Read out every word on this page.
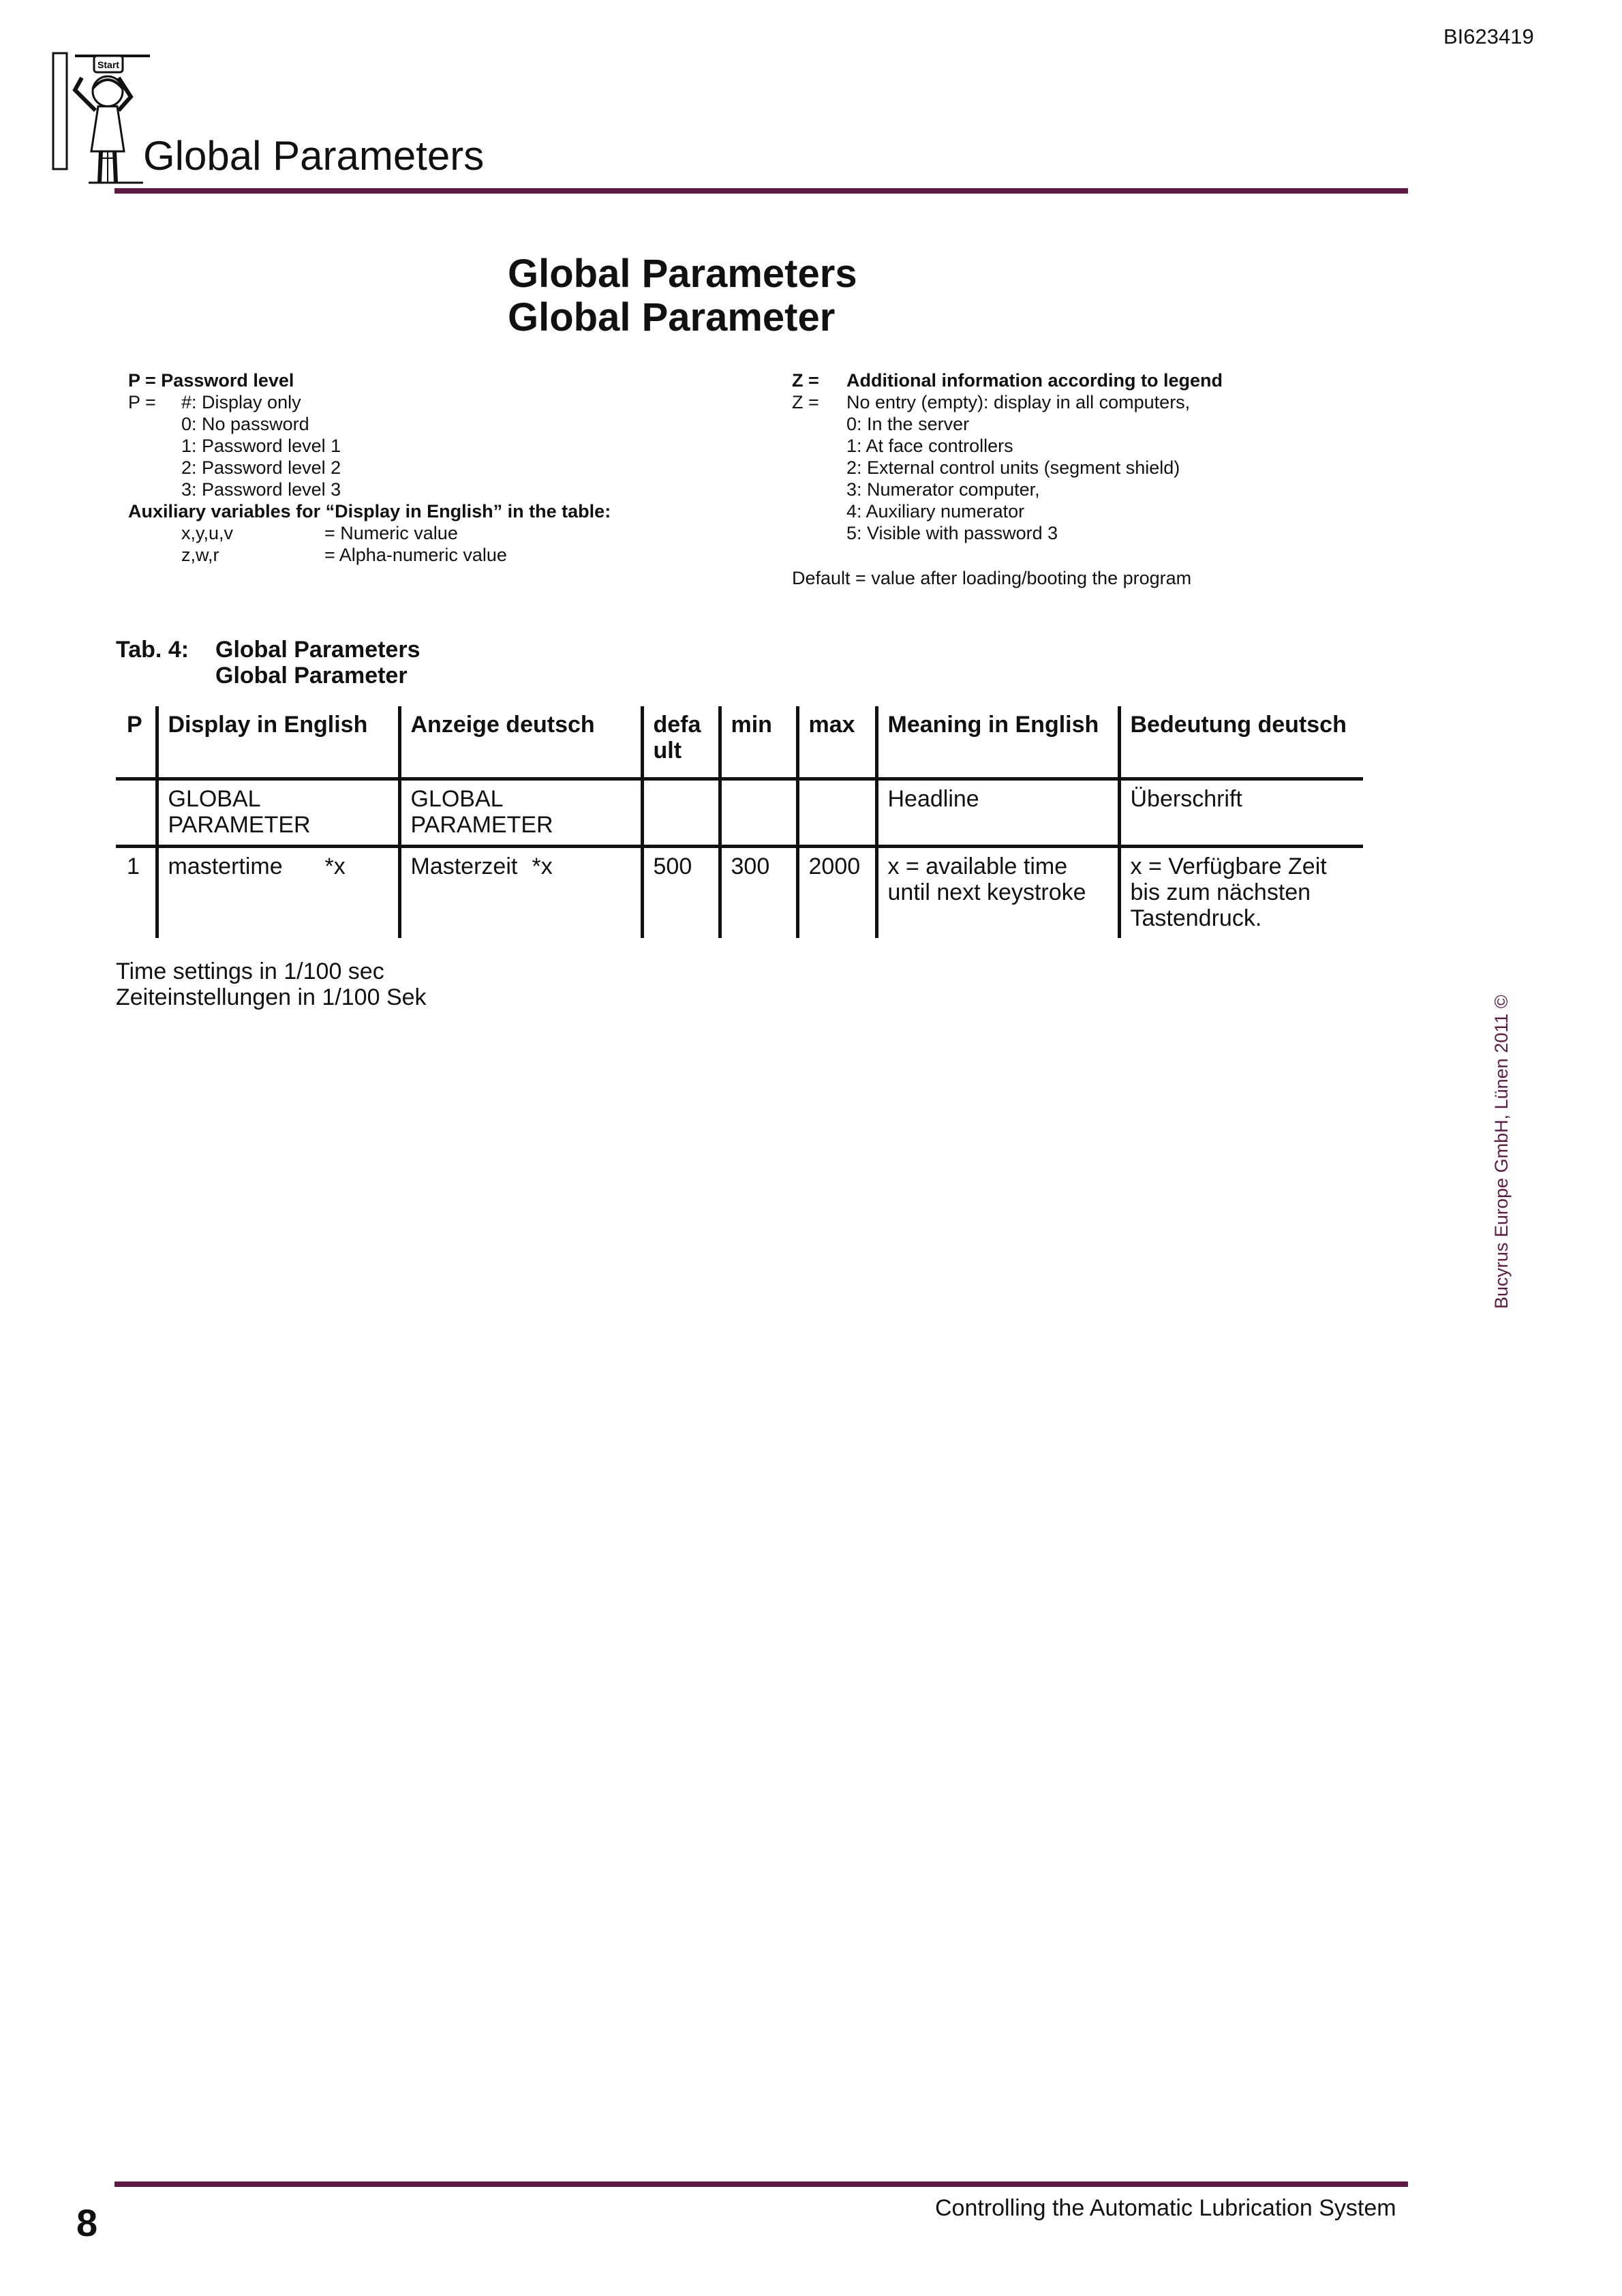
BI623419
Start
Global Parameters
Global Parameters
Global Parameter
P = Password level
P = #: Display only
0: No password
1: Password level 1
2: Password level 2
3: Password level 3
Auxiliary variables for “Display in English” in the table:
x,y,u,v	= Numeric value
z,w,r	= Alpha-numeric value
Z = Additional information according to legend
Z = No entry (empty): display in all computers,
0: In the server
1: At face controllers
2: External control units (segment shield)
3: Numerator computer,
4: Auxiliary numerator
5: Visible with password 3
Default = value after loading/booting the program
Tab. 4: Global Parameters
Global Parameter
P	Display in English	Anzeige deutsch	defa ult	min	max	Meaning in English	Bedeutung deutsch
	GLOBAL PARAMETER	GLOBAL PARAMETER				Headline	Überschrift
1	mastertime *x	Masterzeit *x	500	300	2000	x = available time until next keystroke	x = Verfügbare Zeit bis zum nächsten Tastendruck.
Time settings in 1/100 sec
Zeiteinstellungen in 1/100 Sek	Bucyrus Europe GmbH, Lünen 2011 ©
8	Controlling the Automatic Lubrication System
